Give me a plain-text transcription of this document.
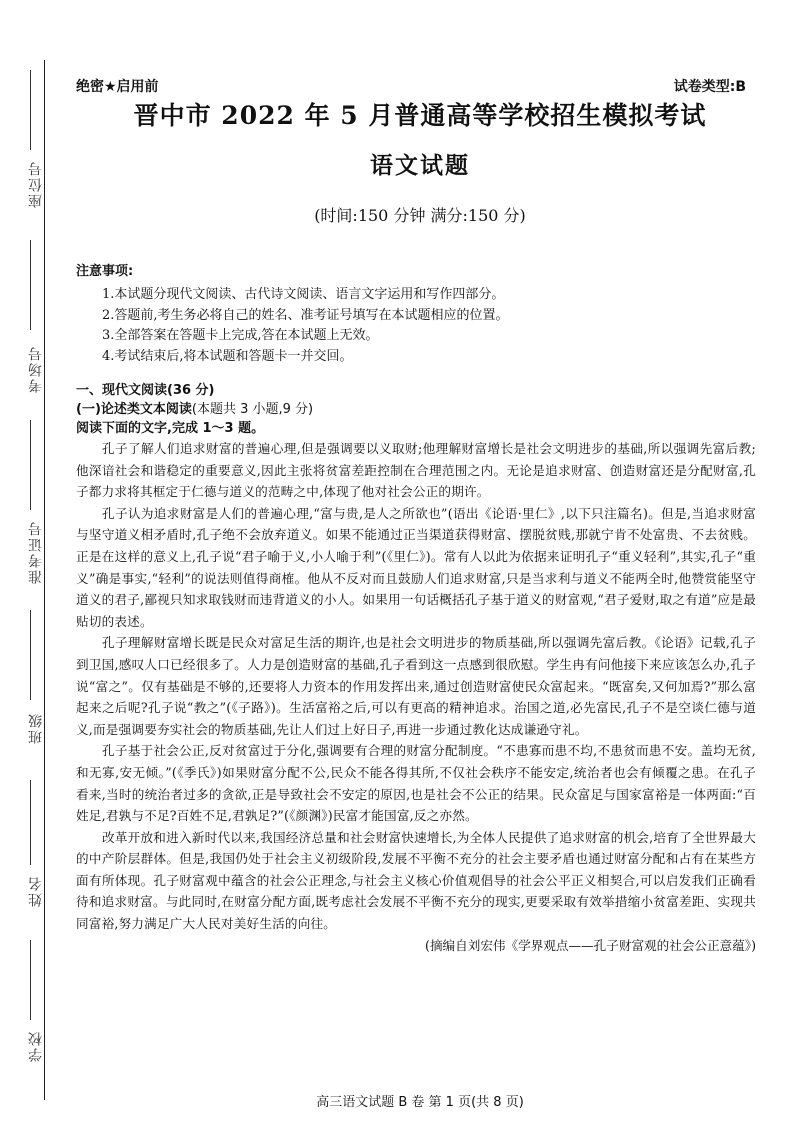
座位号
考场号
准考证号
班级
姓名
学校
绝密★启用前	试卷类型:B
晋中市 2022 年 5 月普通高等学校招生模拟考试
语文试题
(时间:150 分钟 满分:150 分)
注意事项:
1.本试题分现代文阅读、古代诗文阅读、语言文字运用和写作四部分。
2.答题前,考生务必将自己的姓名、准考证号填写在本试题相应的位置。
3.全部答案在答题卡上完成,答在本试题上无效。
4.考试结束后,将本试题和答题卡一并交回。
一、现代文阅读(36 分)
(一)论述类文本阅读(本题共 3 小题,9 分)
阅读下面的文字,完成 1～3 题。
孔子了解人们追求财富的普遍心理,但是强调要以义取财;他理解财富增长是社会文明进步的基础,所以强调先富后教;他深谙社会和谐稳定的重要意义,因此主张将贫富差距控制在合理范围之内。无论是追求财富、创造财富还是分配财富,孔子都力求将其框定于仁德与道义的范畴之中,体现了他对社会公正的期许。
孔子认为追求财富是人们的普遍心理,“富与贵,是人之所欲也”(语出《论语·里仁》,以下只注篇名)。但是,当追求财富与坚守道义相矛盾时,孔子绝不会放弃道义。如果不能通过正当渠道获得财富、摆脱贫贱,那就宁肯不处富贵、不去贫贱。正是在这样的意义上,孔子说“君子喻于义,小人喻于利”(《里仁》)。常有人以此为依据来证明孔子“重义轻利”,其实,孔子“重义”确是事实,“轻利”的说法则值得商榷。他从不反对而且鼓励人们追求财富,只是当求利与道义不能两全时,他赞赏能坚守道义的君子,鄙视只知求取钱财而违背道义的小人。如果用一句话概括孔子基于道义的财富观,“君子爱财,取之有道”应是最贴切的表述。
孔子理解财富增长既是民众对富足生活的期许,也是社会文明进步的物质基础,所以强调先富后教。《论语》记载,孔子到卫国,感叹人口已经很多了。人力是创造财富的基础,孔子看到这一点感到很欣慰。学生冉有问他接下来应该怎么办,孔子说“富之”。仅有基础是不够的,还要将人力资本的作用发挥出来,通过创造财富使民众富起来。“既富矣,又何加焉?”那么富起来之后呢?孔子说“教之”(《子路》)。生活富裕之后,可以有更高的精神追求。治国之道,必先富民,孔子不是空谈仁德与道义,而是强调要夯实社会的物质基础,先让人们过上好日子,再进一步通过教化达成谦逊守礼。
孔子基于社会公正,反对贫富过于分化,强调要有合理的财富分配制度。“不患寡而患不均,不患贫而患不安。盖均无贫,和无寡,安无倾。”(《季氏》)如果财富分配不公,民众不能各得其所,不仅社会秩序不能安定,统治者也会有倾覆之患。在孔子看来,当时的统治者过多的贪欲,正是导致社会不安定的原因,也是社会不公正的结果。民众富足与国家富裕是一体两面:“百姓足,君孰与不足?百姓不足,君孰足?”(《颜渊》)民富才能国富,反之亦然。
改革开放和进入新时代以来,我国经济总量和社会财富快速增长,为全体人民提供了追求财富的机会,培育了全世界最大的中产阶层群体。但是,我国仍处于社会主义初级阶段,发展不平衡不充分的社会主要矛盾也通过财富分配和占有在某些方面有所体现。孔子财富观中蕴含的社会公正理念,与社会主义核心价值观倡导的社会公平正义相契合,可以启发我们正确看待和追求财富。与此同时,在财富分配方面,既考虑社会发展不平衡不充分的现实,更要采取有效举措缩小贫富差距、实现共同富裕,努力满足广大人民对美好生活的向往。
(摘编自刘宏伟《学界观点——孔子财富观的社会公正意蕴》)
高三语文试题 B 卷 第 1 页(共 8 页)
